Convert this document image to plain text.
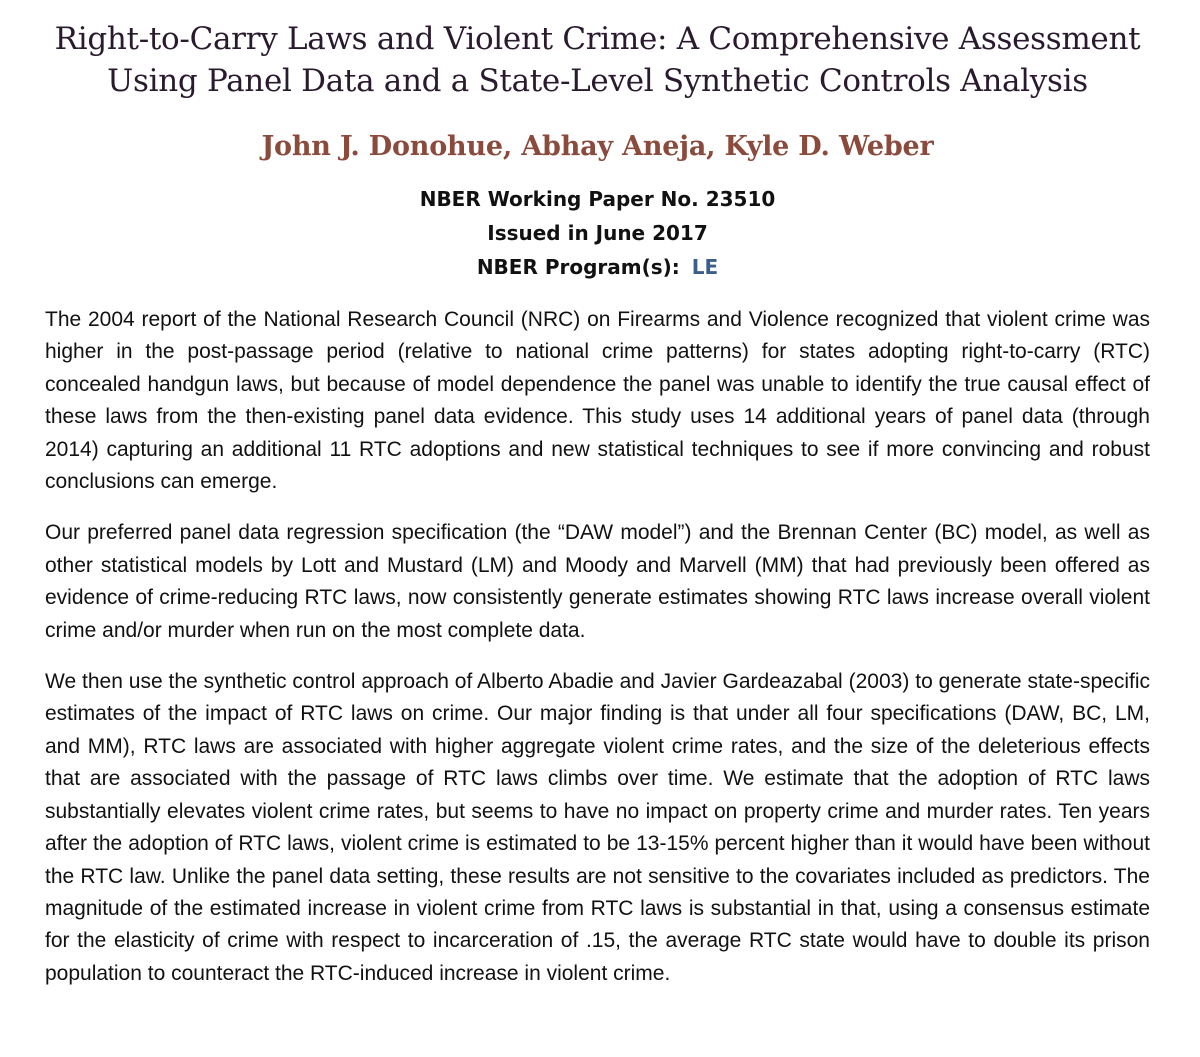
Right-to-Carry Laws and Violent Crime: A Comprehensive Assessment
Using Panel Data and a State-Level Synthetic Controls Analysis
John J. Donohue, Abhay Aneja, Kyle D. Weber
NBER Working Paper No. 23510
Issued in June 2017
NBER Program(s): LE

The 2004 report of the National Research Council (NRC) on Firearms and Violence recognized that violent crime was higher in the post-passage period (relative to national crime patterns) for states adopting right-to-carry (RTC) concealed handgun laws, but because of model dependence the panel was unable to identify the true causal effect of these laws from the then-existing panel data evidence. This study uses 14 additional years of panel data (through 2014) capturing an additional 11 RTC adoptions and new statistical techniques to see if more convincing and robust conclusions can emerge.

Our preferred panel data regression specification (the “DAW model”) and the Brennan Center (BC) model, as well as other statistical models by Lott and Mustard (LM) and Moody and Marvell (MM) that had previously been offered as evidence of crime-reducing RTC laws, now consistently generate estimates showing RTC laws increase overall violent crime and/or murder when run on the most complete data.

We then use the synthetic control approach of Alberto Abadie and Javier Gardeazabal (2003) to generate state-specific estimates of the impact of RTC laws on crime. Our major finding is that under all four specifications (DAW, BC, LM, and MM), RTC laws are associated with higher aggregate violent crime rates, and the size of the deleterious effects that are associated with the passage of RTC laws climbs over time. We estimate that the adoption of RTC laws substantially elevates violent crime rates, but seems to have no impact on property crime and murder rates. Ten years after the adoption of RTC laws, violent crime is estimated to be 13-15% percent higher than it would have been without the RTC law. Unlike the panel data setting, these results are not sensitive to the covariates included as predictors. The magnitude of the estimated increase in violent crime from RTC laws is substantial in that, using a consensus estimate for the elasticity of crime with respect to incarceration of .15, the average RTC state would have to double its prison population to counteract the RTC-induced increase in violent crime.
